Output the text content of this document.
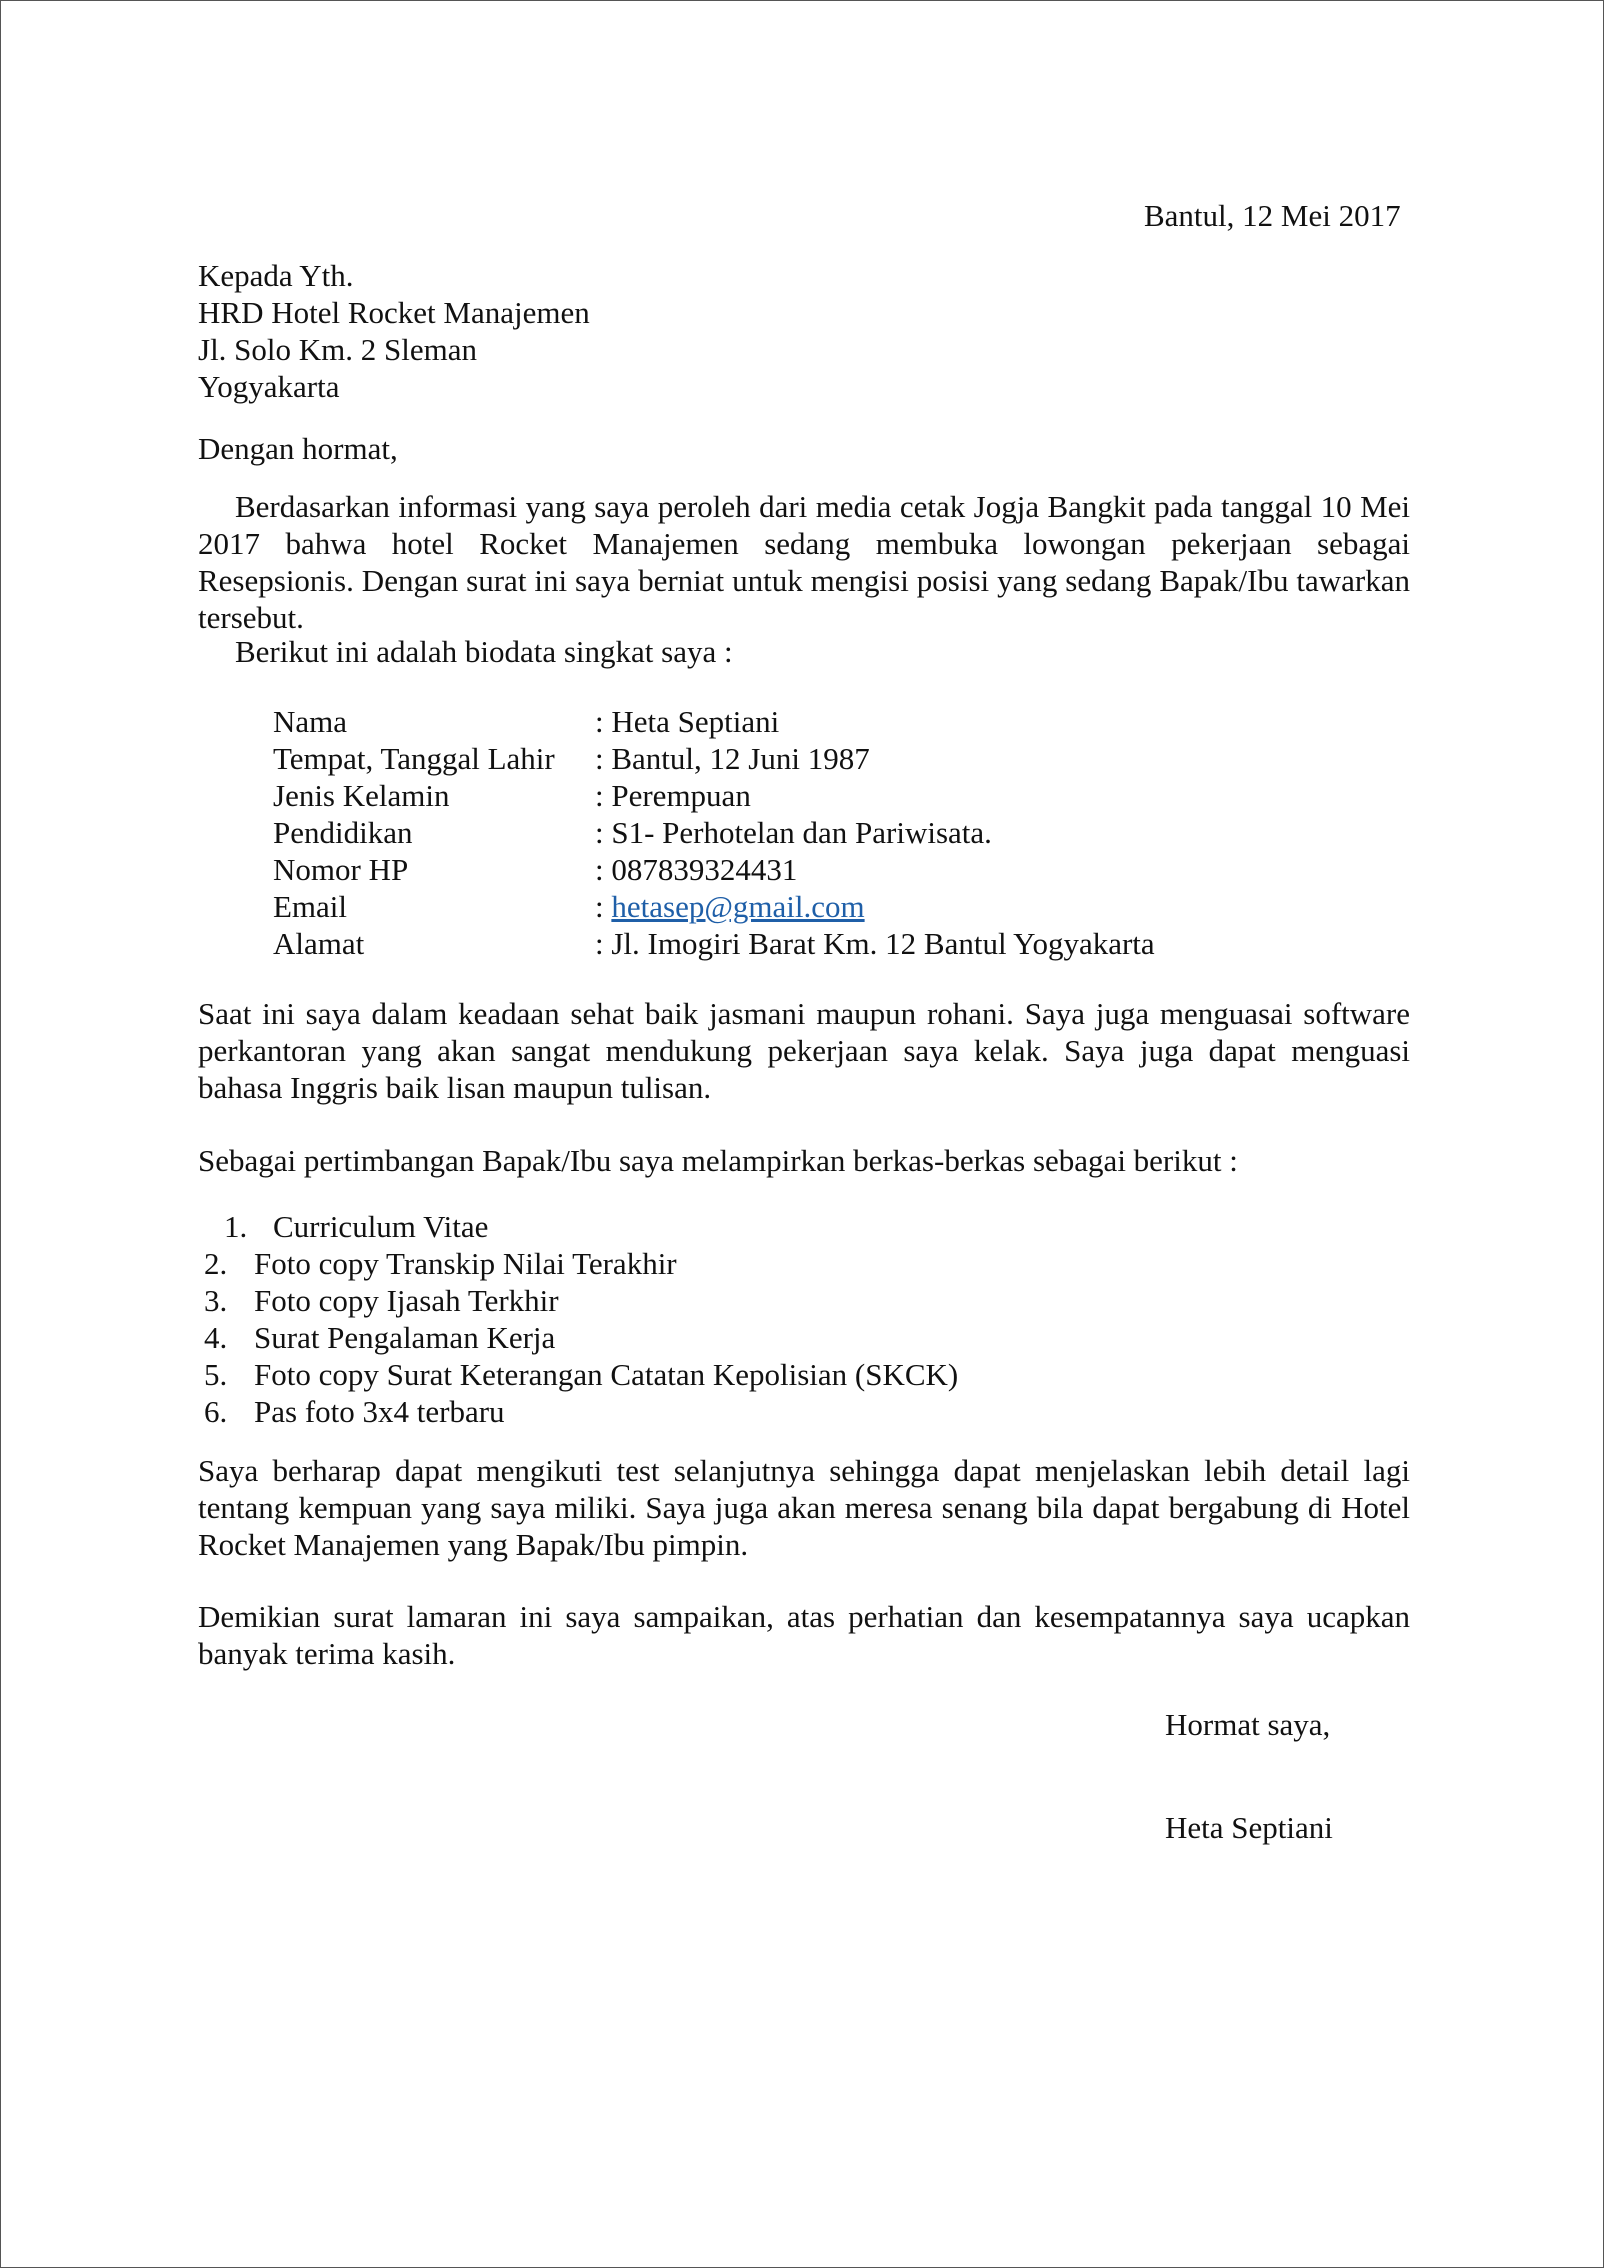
Bantul, 12 Mei 2017
Kepada Yth.
HRD Hotel Rocket Manajemen
Jl. Solo Km. 2 Sleman
Yogyakarta
Dengan hormat,
Berdasarkan informasi yang saya peroleh dari media cetak Jogja Bangkit pada tanggal 10 Mei 2017 bahwa hotel Rocket Manajemen sedang membuka lowongan pekerjaan sebagai Resepsionis. Dengan surat ini saya berniat untuk mengisi posisi yang sedang Bapak/Ibu tawarkan tersebut.
Berikut ini adalah biodata singkat saya :
Nama	: Heta Septiani
Tempat, Tanggal Lahir : Bantul, 12 Juni 1987
Jenis Kelamin	: Perempuan
Pendidikan	: S1- Perhotelan dan Pariwisata.
Nomor HP	: 087839324431
Email	: hetasep@gmail.com
Alamat	: Jl. Imogiri Barat Km. 12 Bantul Yogyakarta
Saat ini saya dalam keadaan sehat baik jasmani maupun rohani. Saya juga menguasai software perkantoran yang akan sangat mendukung pekerjaan saya kelak. Saya juga dapat menguasi bahasa Inggris baik lisan maupun tulisan.
Sebagai pertimbangan Bapak/Ibu saya melampirkan berkas-berkas sebagai berikut :
1. Curriculum Vitae
2. Foto copy Transkip Nilai Terakhir
3. Foto copy Ijasah Terkhir
4. Surat Pengalaman Kerja
5. Foto copy Surat Keterangan Catatan Kepolisian (SKCK)
6. Pas foto 3x4 terbaru
Saya berharap dapat mengikuti test selanjutnya sehingga dapat menjelaskan lebih detail lagi tentang kempuan yang saya miliki. Saya juga akan meresa senang bila dapat bergabung di Hotel Rocket Manajemen yang Bapak/Ibu pimpin.
Demikian surat lamaran ini saya sampaikan, atas perhatian dan kesempatannya saya ucapkan banyak terima kasih.
Hormat saya,
Heta Septiani
